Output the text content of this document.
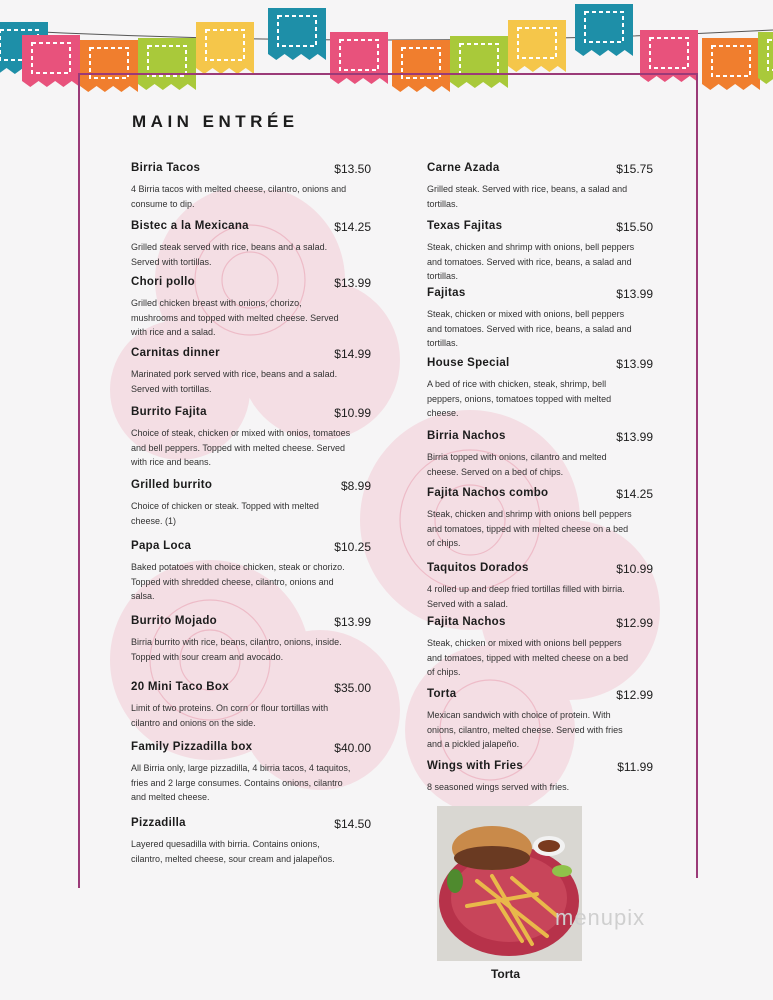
MAIN ENTRÉE
Birria Tacos	$13.50
4 Birria tacos with melted cheese, cilantro, onions and consume to dip.
Bistec a la Mexicana	$14.25
Grilled steak served with rice, beans and a salad. Served with tortillas.
Chori pollo	$13.99
Grilled chicken breast with onions, chorizo, mushrooms and topped with melted cheese. Served with rice and a salad.
Carnitas dinner	$14.99
Marinated pork served with rice, beans and a salad. Served with tortillas.
Burrito Fajita	$10.99
Choice of steak, chicken or mixed with onios, tomatoes and bell peppers. Topped with melted cheese. Served with rice and beans.
Grilled burrito	$8.99
Choice of chicken or steak. Topped with melted cheese. (1)
Papa Loca	$10.25
Baked potatoes with choice chicken, steak or chorizo. Topped with shredded cheese, cilantro, onions and salsa.
Burrito Mojado	$13.99
Birria burrito with rice, beans, cilantro, onions, inside. Topped with sour cream and avocado.
20 Mini Taco Box	$35.00
Limit of two proteins. On corn or flour tortillas with cilantro and onions on the side.
Family Pizzadilla box	$40.00
All Birria only, large pizzadilla, 4 birria tacos, 4 taquitos, fries and 2 large consumes. Contains onions, cilantro and melted cheese.
Pizzadilla	$14.50
Layered quesadilla with birria. Contains onions, cilantro, melted cheese, sour cream and jalapeños.
Carne Azada	$15.75
Grilled steak. Served with rice, beans, a salad and tortillas.
Texas Fajitas	$15.50
Steak, chicken and shrimp with onions, bell peppers and tomatoes. Served with rice, beans, a salad and tortillas.
Fajitas	$13.99
Steak, chicken or mixed with onions, bell peppers and tomatoes. Served with rice, beans, a salad and tortillas.
House Special	$13.99
A bed of rice with chicken, steak, shrimp, bell peppers, onions, tomatoes topped with melted cheese.
Birria Nachos	$13.99
Birria topped with onions, cilantro and melted cheese. Served on a bed of chips.
Fajita Nachos combo	$14.25
Steak, chicken and shrimp with onions bell peppers and tomatoes, tipped with melted cheese on a bed of chips.
Taquitos Dorados	$10.99
4 rolled up and deep fried tortillas filled with birria. Served with a salad.
Fajita Nachos	$12.99
Steak, chicken or mixed with onions bell peppers and tomatoes, tipped with melted cheese on a bed of chips.
Torta	$12.99
Mexican sandwich with choice of protein. With onions, cilantro, melted cheese. Served with fries and a pickled jalapeño.
Wings with Fries	$11.99
8 seasoned wings served with fries.
Torta
menupix
